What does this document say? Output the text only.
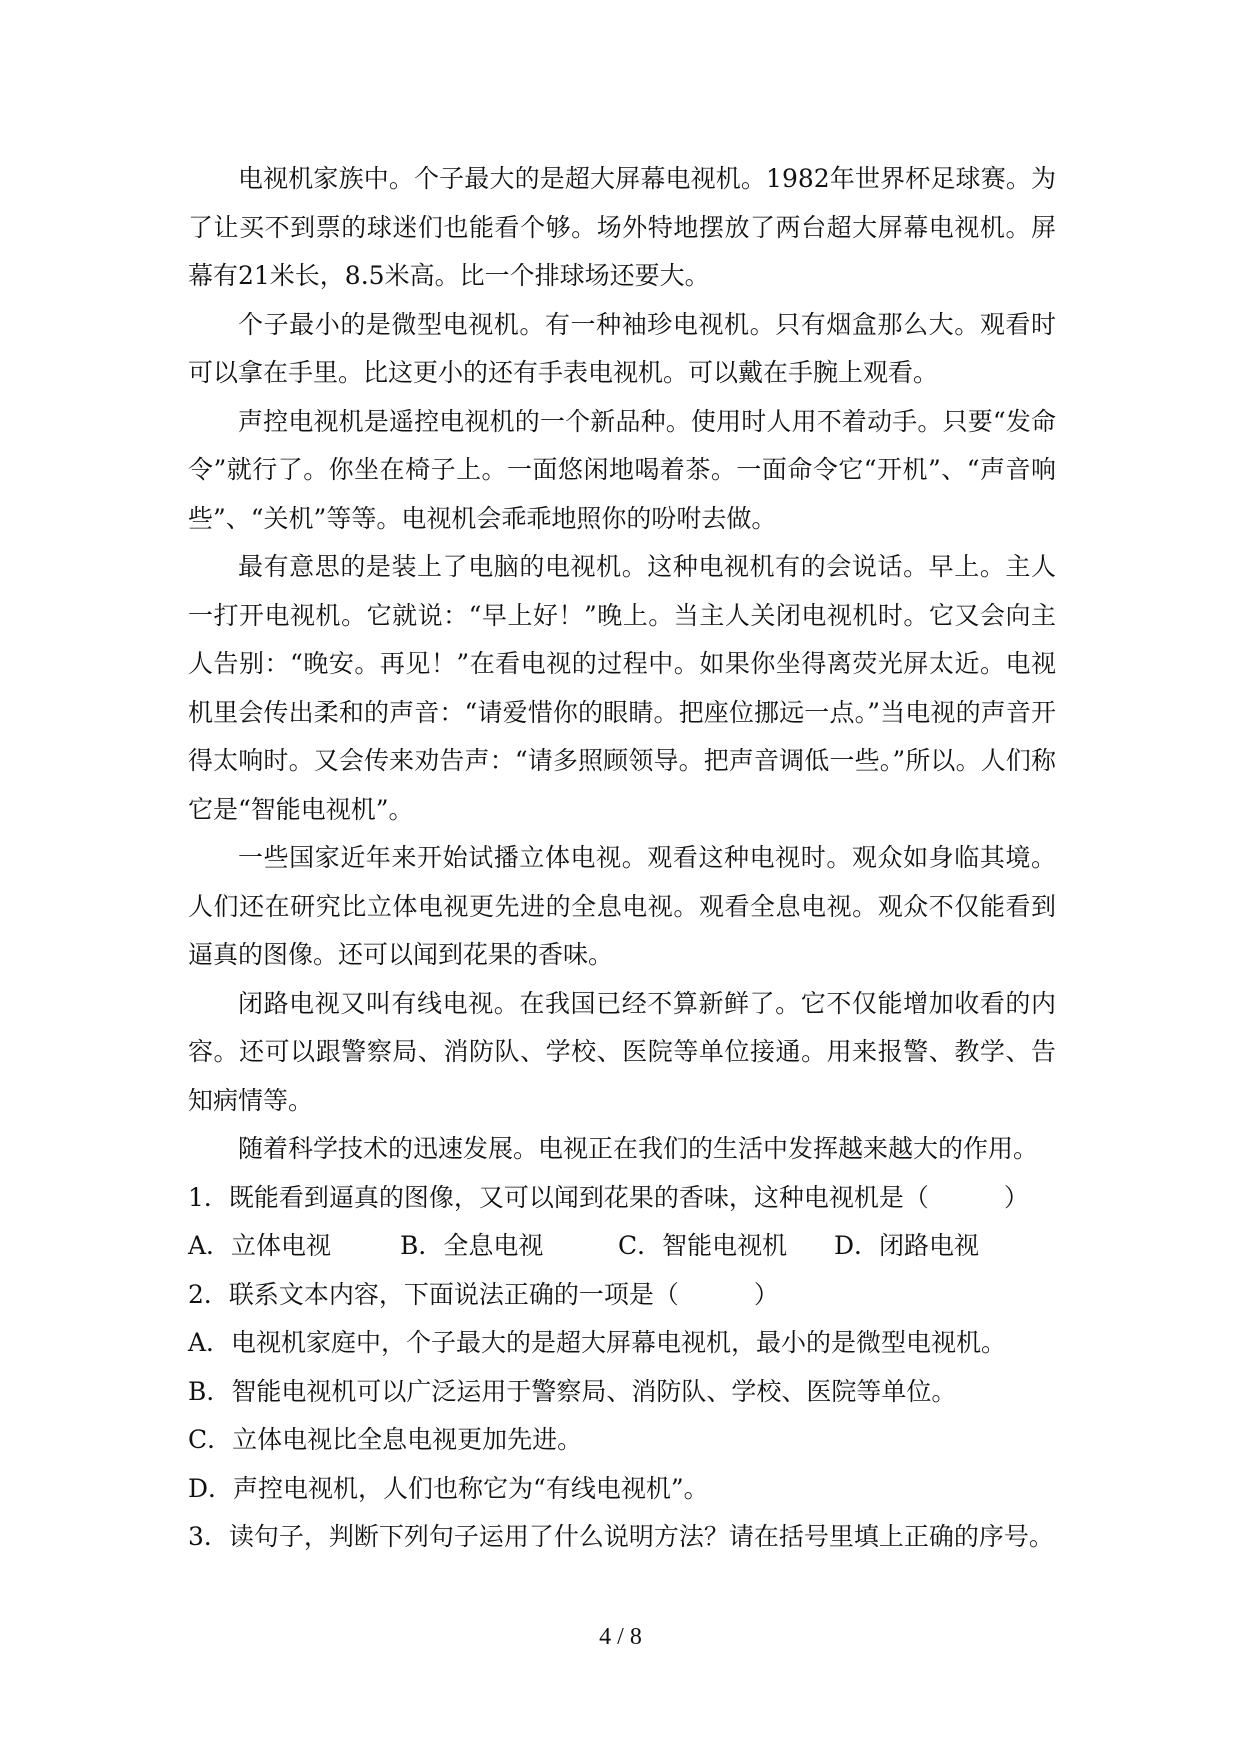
电视机家族中。个子最大的是超大屏幕电视机。1982年世界杯足球赛。为了让买不到票的球迷们也能看个够。场外特地摆放了两台超大屏幕电视机。屏幕有21米长，8.5米高。比一个排球场还要大。

个子最小的是微型电视机。有一种袖珍电视机。只有烟盒那么大。观看时可以拿在手里。比这更小的还有手表电视机。可以戴在手腕上观看。

声控电视机是遥控电视机的一个新品种。使用时人用不着动手。只要“发命令”就行了。你坐在椅子上。一面悠闲地喝着茶。一面命令它“开机”、“声音响些”、“关机”等等。电视机会乖乖地照你的吩咐去做。

最有意思的是装上了电脑的电视机。这种电视机有的会说话。早上。主人一打开电视机。它就说：“早上好！”晚上。当主人关闭电视机时。它又会向主人告别：“晚安。再见！”在看电视的过程中。如果你坐得离荧光屏太近。电视机里会传出柔和的声音：“请爱惜你的眼睛。把座位挪远一点。”当电视的声音开得太响时。又会传来劝告声：“请多照顾领导。把声音调低一些。”所以。人们称它是“智能电视机”。

一些国家近年来开始试播立体电视。观看这种电视时。观众如身临其境。人们还在研究比立体电视更先进的全息电视。观看全息电视。观众不仅能看到逼真的图像。还可以闻到花果的香味。

闭路电视又叫有线电视。在我国已经不算新鲜了。它不仅能增加收看的内容。还可以跟警察局、消防队、学校、医院等单位接通。用来报警、教学、告知病情等。

随着科学技术的迅速发展。电视正在我们的生活中发挥越来越大的作用。

1．既能看到逼真的图像，又可以闻到花果的香味，这种电视机是（　　　）

A．立体电视	B．全息电视	C．智能电视机	D．闭路电视

2．联系文本内容，下面说法正确的一项是（　　　）

A．电视机家庭中，个子最大的是超大屏幕电视机，最小的是微型电视机。

B．智能电视机可以广泛运用于警察局、消防队、学校、医院等单位。

C．立体电视比全息电视更加先进。

D．声控电视机，人们也称它为“有线电视机”。

3．读句子，判断下列句子运用了什么说明方法？请在括号里填上正确的序号。

4 / 8
